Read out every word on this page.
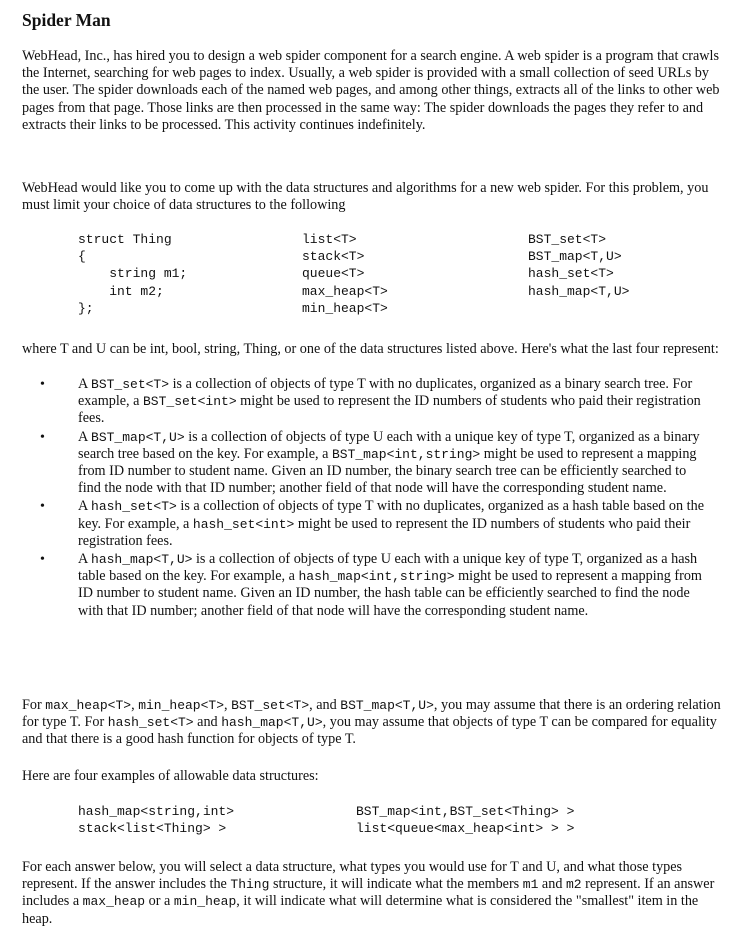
Spider Man

WebHead, Inc., has hired you to design a web spider component for a search engine. A web spider is a program that crawls the Internet, searching for web pages to index. Usually, a web spider is provided with a small collection of seed URLs by the user. The spider downloads each of the named web pages, and among other things, extracts all of the links to other web pages from that page. Those links are then processed in the same way: The spider downloads the pages they refer to and extracts their links to be processed. This activity continues indefinitely.

WebHead would like you to come up with the data structures and algorithms for a new web spider. For this problem, you must limit your choice of data structures to the following

struct Thing
{
string m1;
int m2;
};
list<T>
stack<T>
queue<T>
max_heap<T>
min_heap<T>
BST_set<T>
BST_map<T,U>
hash_set<T>
hash_map<T,U>

where T and U can be int, bool, string, Thing, or one of the data structures listed above. Here's what the last four represent:

• A BST_set<T> is a collection of objects of type T with no duplicates, organized as a binary search tree. For example, a BST_set<int> might be used to represent the ID numbers of students who paid their registration fees.
• A BST_map<T,U> is a collection of objects of type U each with a unique key of type T, organized as a binary search tree based on the key. For example, a BST_map<int,string> might be used to represent a mapping from ID number to student name. Given an ID number, the binary search tree can be efficiently searched to find the node with that ID number; another field of that node will have the corresponding student name.
• A hash_set<T> is a collection of objects of type T with no duplicates, organized as a hash table based on the key. For example, a hash_set<int> might be used to represent the ID numbers of students who paid their registration fees.
• A hash_map<T,U> is a collection of objects of type U each with a unique key of type T, organized as a hash table based on the key. For example, a hash_map<int,string> might be used to represent a mapping from ID number to student name. Given an ID number, the hash table can be efficiently searched to find the node with that ID number; another field of that node will have the corresponding student name.

For max_heap<T>, min_heap<T>, BST_set<T>, and BST_map<T,U>, you may assume that there is an ordering relation for type T. For hash_set<T> and hash_map<T,U>, you may assume that objects of type T can be compared for equality and that there is a good hash function for objects of type T.

Here are four examples of allowable data structures:

hash_map<string,int>
stack<list<Thing> >
BST_map<int,BST_set<Thing> >
list<queue<max_heap<int> > >

For each answer below, you will select a data structure, what types you would use for T and U, and what those types represent. If the answer includes the Thing structure, it will indicate what the members m1 and m2 represent. If an answer includes a max_heap or a min_heap, it will indicate what will determine what is considered the "smallest" item in the heap.
